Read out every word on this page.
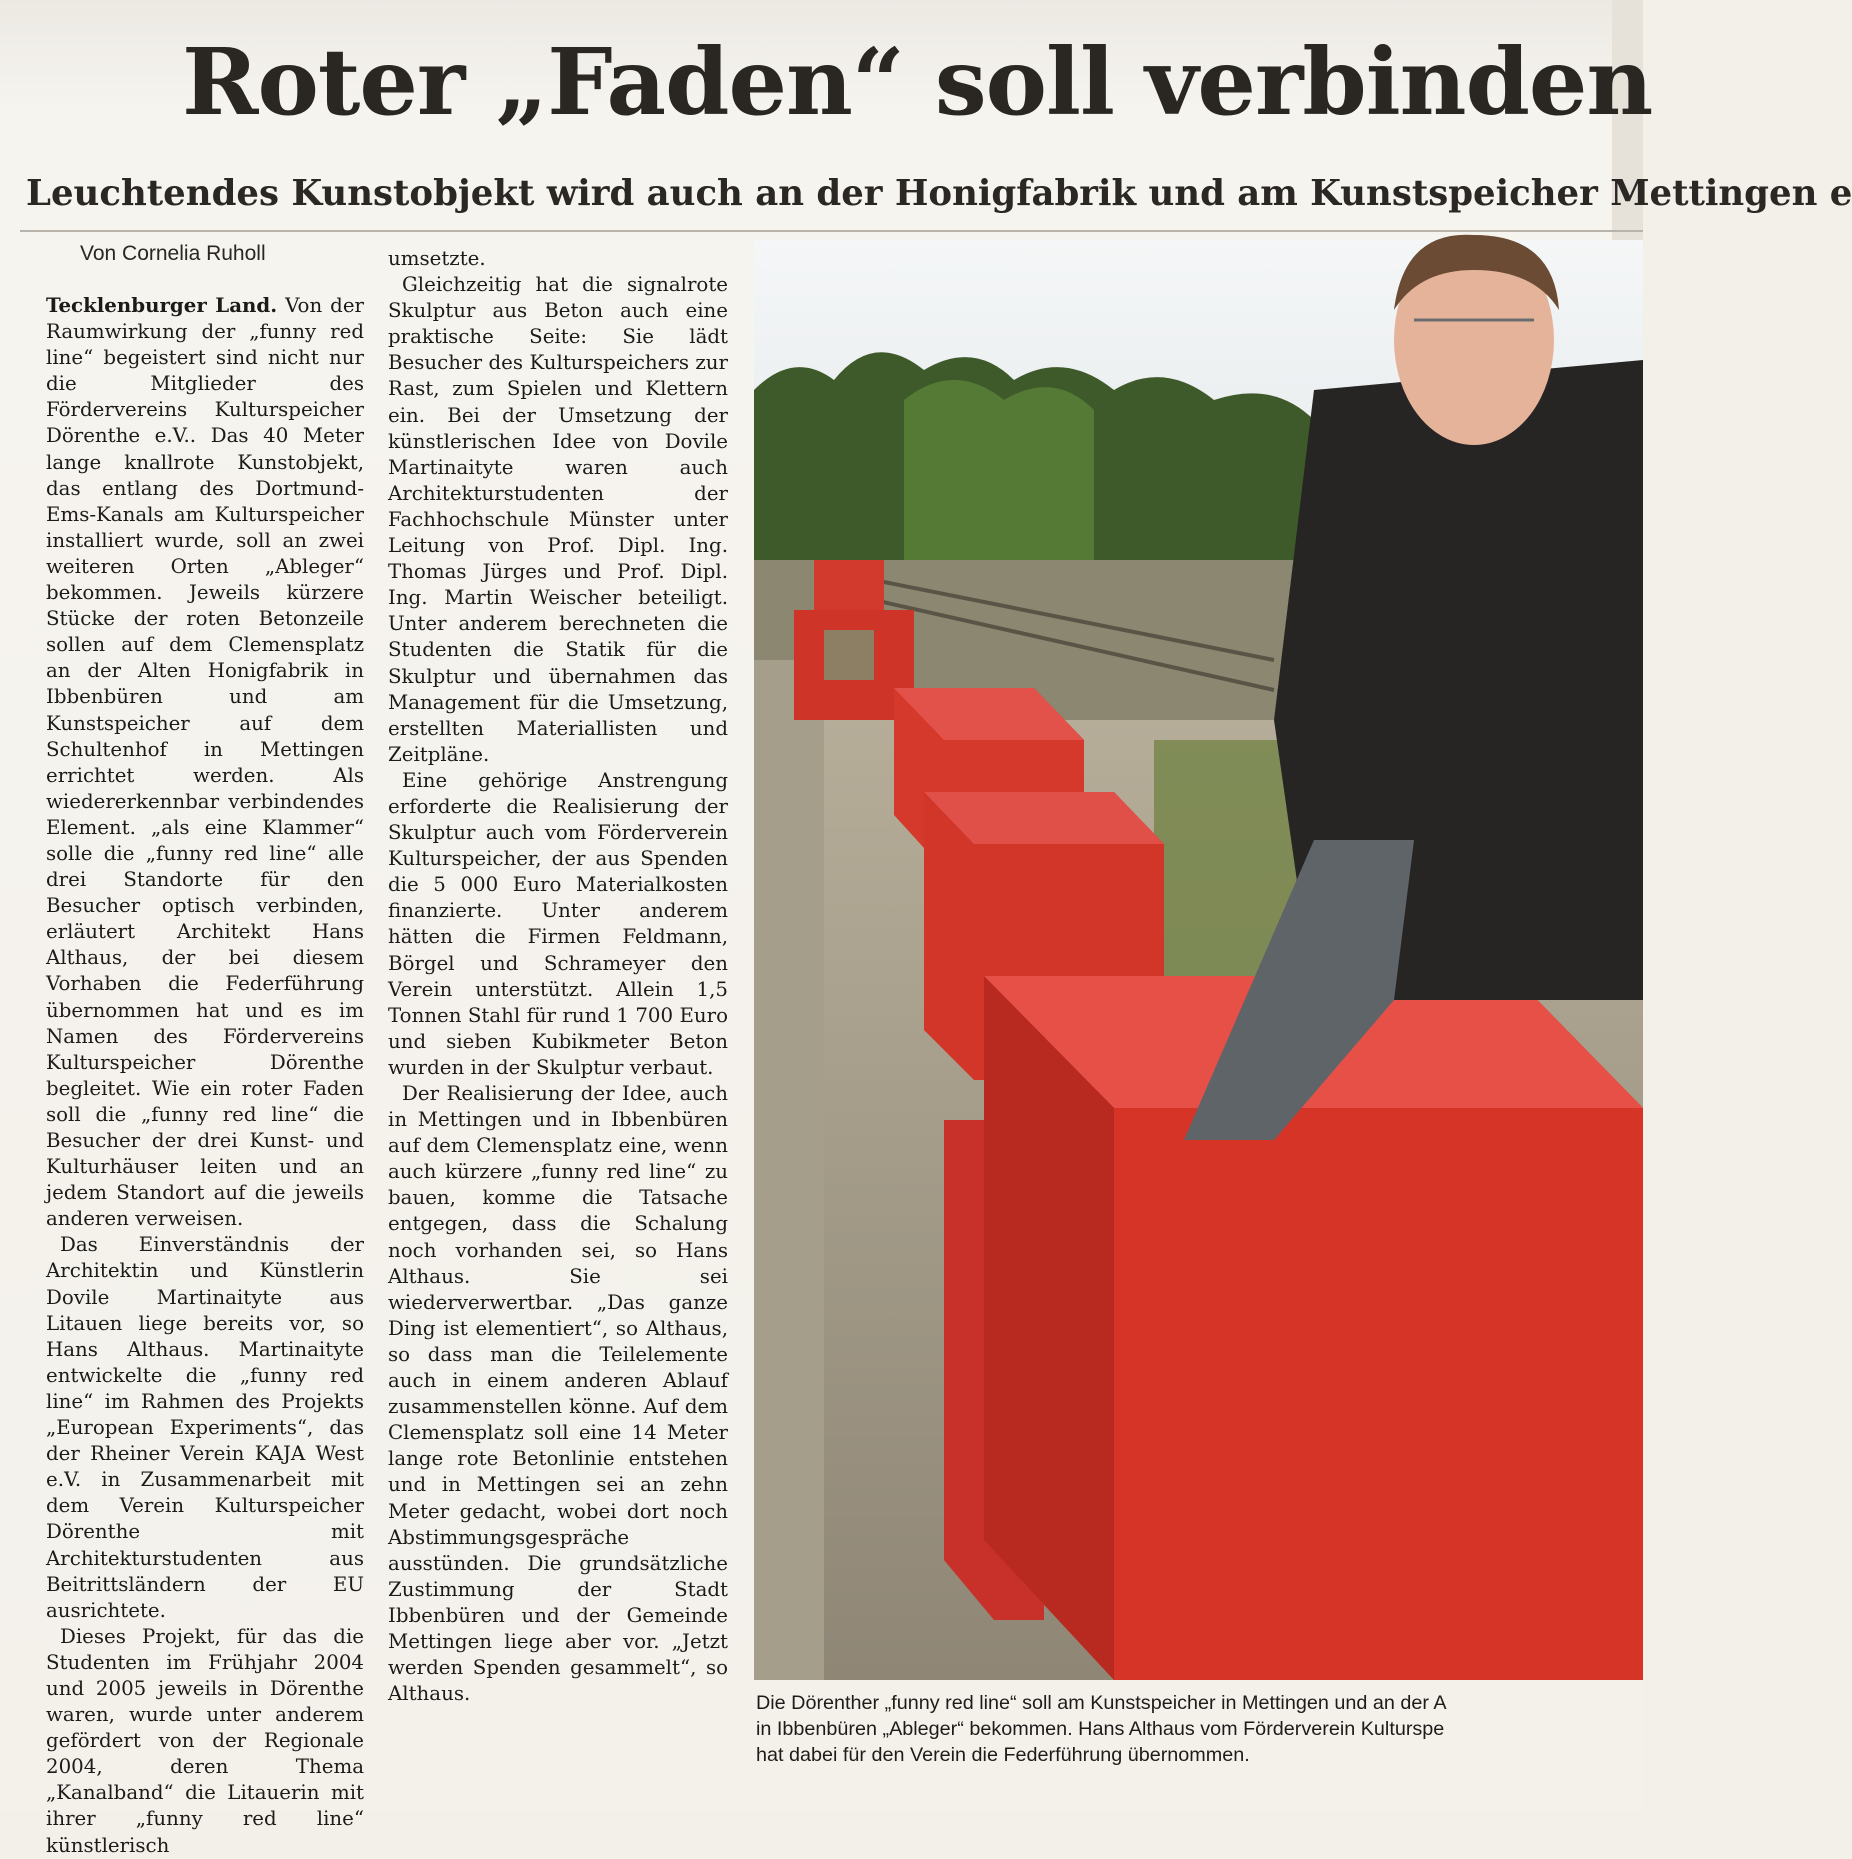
Roter „Faden“ soll verbinden
Leuchtendes Kunstobjekt wird auch an der Honigfabrik und am Kunstspeicher Mettingen e
Von Cornelia Ruholl

Tecklenburger Land. Von der Raumwirkung der „funny red line“ begeistert sind nicht nur die Mitglieder des Fördervereins Kulturspeicher Dörenthe e.V.. Das 40 Meter lange knallrote Kunstobjekt, das entlang des Dortmund-Ems-Kanals am Kulturspeicher installiert wurde, soll an zwei weiteren Orten „Ableger“ bekommen. Jeweils kürzere Stücke der roten Betonzeile sollen auf dem Clemensplatz an der Alten Honigfabrik in Ibbenbüren und am Kunstspeicher auf dem Schultenhof in Mettingen errichtet werden. Als wiedererkennbar verbindendes Element. „als eine Klammer“ solle die „funny red line“ alle drei Standorte für den Besucher optisch verbinden, erläutert Architekt Hans Althaus, der bei diesem Vorhaben die Federführung übernommen hat und es im Namen des Fördervereins Kulturspeicher Dörenthe begleitet. Wie ein roter Faden soll die „funny red line“ die Besucher der drei Kunst- und Kulturhäuser leiten und an jedem Standort auf die jeweils anderen verweisen.

Das Einverständnis der Architektin und Künstlerin Dovile Martinaityte aus Litauen liege bereits vor, so Hans Althaus. Martinaityte entwickelte die „funny red line“ im Rahmen des Projekts „European Experiments“, das der Rheiner Verein KAJA West e.V. in Zusammenarbeit mit dem Verein Kulturspeicher Dörenthe mit Architekturstudenten aus Beitrittsländern der EU ausrichtete.

Dieses Projekt, für das die Studenten im Frühjahr 2004 und 2005 jeweils in Dörenthe waren, wurde unter anderem gefördert von der Regionale 2004, deren Thema „Kanalband“ die Litauerin mit ihrer „funny red line“ künstlerisch

umsetzte.

Gleichzeitig hat die signalrote Skulptur aus Beton auch eine praktische Seite: Sie lädt Besucher des Kulturspeichers zur Rast, zum Spielen und Klettern ein. Bei der Umsetzung der künstlerischen Idee von Dovile Martinaityte waren auch Architekturstudenten der Fachhochschule Münster unter Leitung von Prof. Dipl. Ing. Thomas Jürges und Prof. Dipl. Ing. Martin Weischer beteiligt. Unter anderem berechneten die Studenten die Statik für die Skulptur und übernahmen das Management für die Umsetzung, erstellten Materiallisten und Zeitpläne.

Eine gehörige Anstrengung erforderte die Realisierung der Skulptur auch vom Förderverein Kulturspeicher, der aus Spenden die 5 000 Euro Materialkosten finanzierte. Unter anderem hätten die Firmen Feldmann, Börgel und Schrameyer den Verein unterstützt. Allein 1,5 Tonnen Stahl für rund 1 700 Euro und sieben Kubikmeter Beton wurden in der Skulptur verbaut.

Der Realisierung der Idee, auch in Mettingen und in Ibbenbüren auf dem Clemensplatz eine, wenn auch kürzere „funny red line“ zu bauen, komme die Tatsache entgegen, dass die Schalung noch vorhanden sei, so Hans Althaus. Sie sei wiederverwertbar. „Das ganze Ding ist elementiert“, so Althaus, so dass man die Teilelemente auch in einem anderen Ablauf zusammenstellen könne. Auf dem Clemensplatz soll eine 14 Meter lange rote Betonlinie entstehen und in Mettingen sei an zehn Meter gedacht, wobei dort noch Abstimmungsgespräche ausstünden. Die grundsätzliche Zustimmung der Stadt Ibbenbüren und der Gemeinde Mettingen liege aber vor. „Jetzt werden Spenden gesammelt“, so Althaus.	Die Dörenther „funny red line“ soll am Kunstspeicher in Mettingen und an der A
in Ibbenbüren „Ableger“ bekommen. Hans Althaus vom Förderverein Kulturspe
hat dabei für den Verein die Federführung übernommen.
